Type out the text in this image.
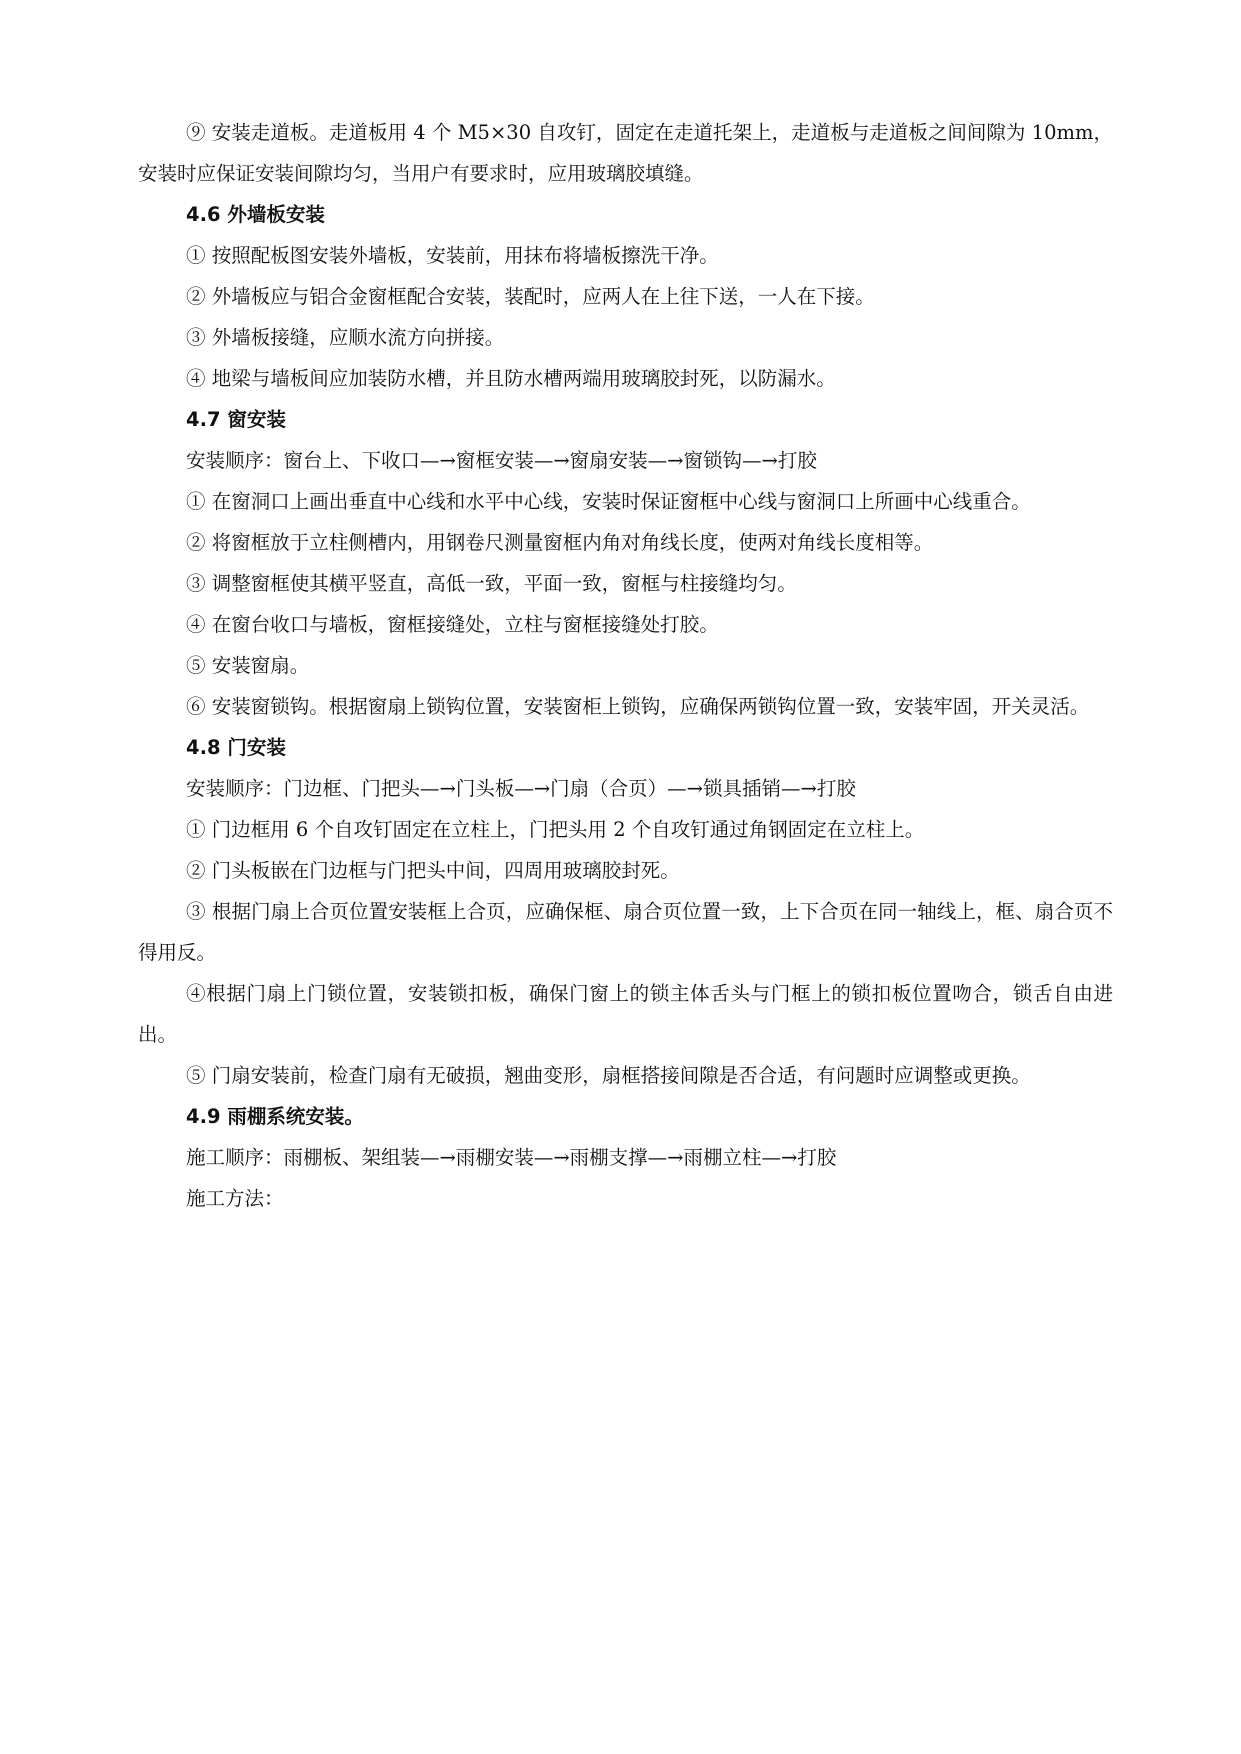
⑨ 安装走道板。走道板用 4 个 M5×30 自攻钉，固定在走道托架上，走道板与走道板之间间隙为 10mm，安装时应保证安装间隙均匀，当用户有要求时，应用玻璃胶填缝。

4.6 外墙板安装

① 按照配板图安装外墙板，安装前，用抹布将墙板擦洗干净。

② 外墙板应与铝合金窗框配合安装，装配时，应两人在上往下送，一人在下接。

③ 外墙板接缝，应顺水流方向拼接。

④ 地梁与墙板间应加装防水槽，并且防水槽两端用玻璃胶封死，以防漏水。

4.7 窗安装

安装顺序：窗台上、下收口—→窗框安装—→窗扇安装—→窗锁钩—→打胶

① 在窗洞口上画出垂直中心线和水平中心线，安装时保证窗框中心线与窗洞口上所画中心线重合。

② 将窗框放于立柱侧槽内，用钢卷尺测量窗框内角对角线长度，使两对角线长度相等。

③ 调整窗框使其横平竖直，高低一致，平面一致，窗框与柱接缝均匀。

④ 在窗台收口与墙板，窗框接缝处，立柱与窗框接缝处打胶。

⑤ 安装窗扇。

⑥ 安装窗锁钩。根据窗扇上锁钩位置，安装窗柜上锁钩，应确保两锁钩位置一致，安装牢固，开关灵活。

4.8 门安装

安装顺序：门边框、门把头—→门头板—→门扇（合页）—→锁具插销—→打胶

① 门边框用 6 个自攻钉固定在立柱上，门把头用 2 个自攻钉通过角钢固定在立柱上。

② 门头板嵌在门边框与门把头中间，四周用玻璃胶封死。

③ 根据门扇上合页位置安装框上合页，应确保框、扇合页位置一致，上下合页在同一轴线上，框、扇合页不得用反。

④根据门扇上门锁位置，安装锁扣板，确保门窗上的锁主体舌头与门框上的锁扣板位置吻合，锁舌自由进出。

⑤ 门扇安装前，检查门扇有无破损，翘曲变形，扇框搭接间隙是否合适，有问题时应调整或更换。

4.9 雨棚系统安装。

施工顺序：雨棚板、架组装—→雨棚安装—→雨棚支撑—→雨棚立柱—→打胶

施工方法：
